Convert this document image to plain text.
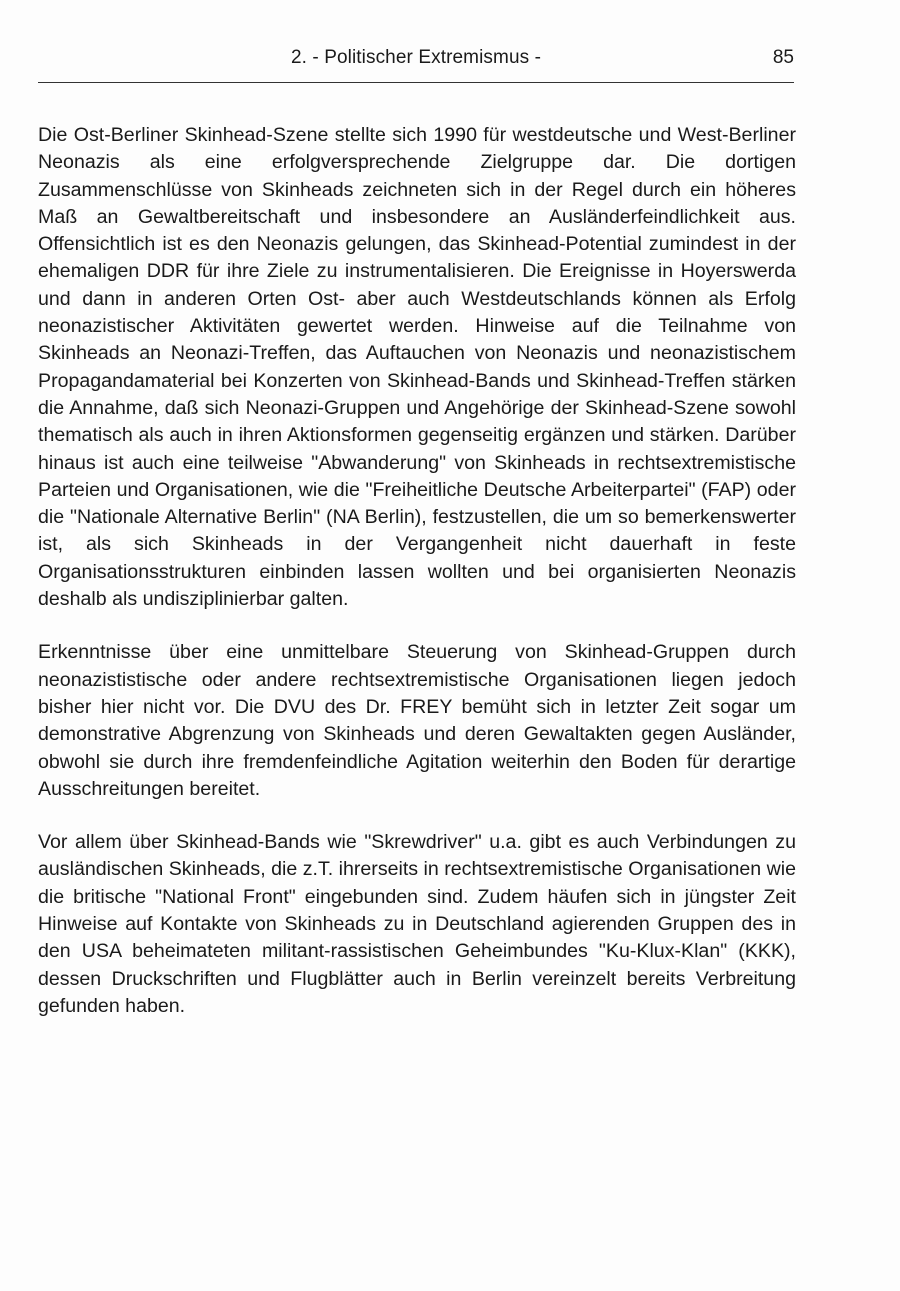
2. - Politischer Extremismus -	85

Die Ost-Berliner Skinhead-Szene stellte sich 1990 für westdeutsche und West-Berliner Neonazis als eine erfolgversprechende Zielgruppe dar. Die dortigen Zusammenschlüsse von Skinheads zeichneten sich in der Regel durch ein höheres Maß an Gewaltbereitschaft und insbesondere an Ausländerfeindlichkeit aus. Offensichtlich ist es den Neonazis gelungen, das Skinhead-Potential zumindest in der ehemaligen DDR für ihre Ziele zu instrumentalisieren. Die Ereignisse in Hoyerswerda und dann in anderen Orten Ost- aber auch Westdeutschlands können als Erfolg neonazistischer Aktivitäten gewertet werden. Hinweise auf die Teilnahme von Skinheads an Neonazi-Treffen, das Auftauchen von Neonazis und neonazistischem Propagandamaterial bei Konzerten von Skinhead-Bands und Skinhead-Treffen stärken die Annahme, daß sich Neonazi-Gruppen und Angehörige der Skinhead-Szene sowohl thematisch als auch in ihren Aktionsformen gegenseitig ergänzen und stärken. Darüber hinaus ist auch eine teilweise "Abwanderung" von Skinheads in rechtsextremistische Parteien und Organisationen, wie die "Freiheitliche Deutsche Arbeiterpartei" (FAP) oder die "Nationale Alternative Berlin" (NA Berlin), festzustellen, die um so bemerkenswerter ist, als sich Skinheads in der Vergangenheit nicht dauerhaft in feste Organisationsstrukturen einbinden lassen wollten und bei organisierten Neonazis deshalb als undisziplinierbar galten.

Erkenntnisse über eine unmittelbare Steuerung von Skinhead-Gruppen durch neonazististische oder andere rechtsextremistische Organisationen liegen jedoch bisher hier nicht vor. Die DVU des Dr. FREY bemüht sich in letzter Zeit sogar um demonstrative Abgrenzung von Skinheads und deren Gewaltakten gegen Ausländer, obwohl sie durch ihre fremdenfeindliche Agitation weiterhin den Boden für derartige Ausschreitungen bereitet.

Vor allem über Skinhead-Bands wie "Skrewdriver" u.a. gibt es auch Verbindungen zu ausländischen Skinheads, die z.T. ihrerseits in rechtsextremistische Organisationen wie die britische "National Front" eingebunden sind. Zudem häufen sich in jüngster Zeit Hinweise auf Kontakte von Skinheads zu in Deutschland agierenden Gruppen des in den USA beheimateten militant-rassistischen Geheimbundes "Ku-Klux-Klan" (KKK), dessen Druckschriften und Flugblätter auch in Berlin vereinzelt bereits Verbreitung gefunden haben.
